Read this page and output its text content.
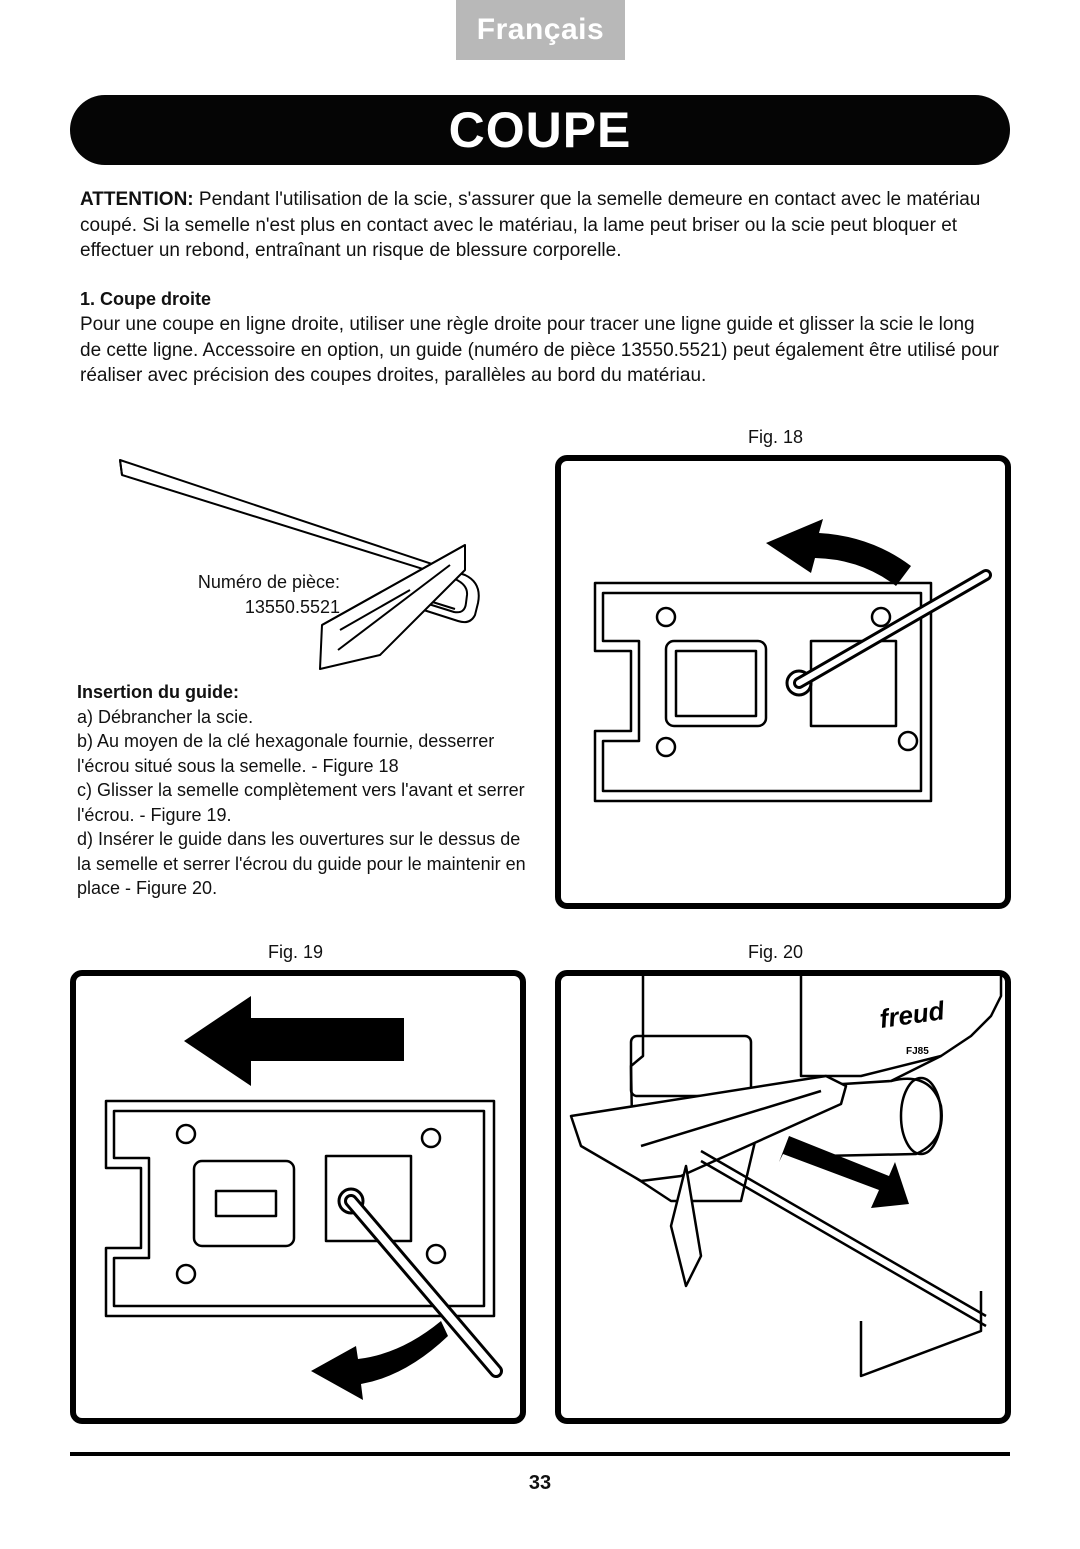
Français
COUPE

ATTENTION: Pendant l'utilisation de la scie, s'assurer que la semelle demeure en contact avec le matériau coupé. Si la semelle n'est plus en contact avec le matériau, la lame peut briser ou la scie peut bloquer et effectuer un rebond, entraînant un risque de blessure corporelle.

1. Coupe droite

Pour une coupe en ligne droite, utiliser une règle droite pour tracer une ligne guide et glisser la scie le long de cette ligne. Accessoire en option, un guide (numéro de pièce 13550.5521) peut également être utilisé pour réaliser avec précision des coupes droites, parallèles au bord du matériau.

Numéro de pièce:
13550.5521
Insertion du guide:
a) Débrancher la scie.
b) Au moyen de la clé hexagonale fournie, desserrer l'écrou situé sous la semelle. - Figure 18
c) Glisser la semelle complètement vers l'avant et serrer l'écrou. - Figure 19.
d) Insérer le guide dans les ouvertures sur le dessus de la semelle et serrer l'écrou du guide pour le maintenir en place - Figure 20.
Fig. 18
Fig. 19	Fig. 20
freud
FJ85
33
